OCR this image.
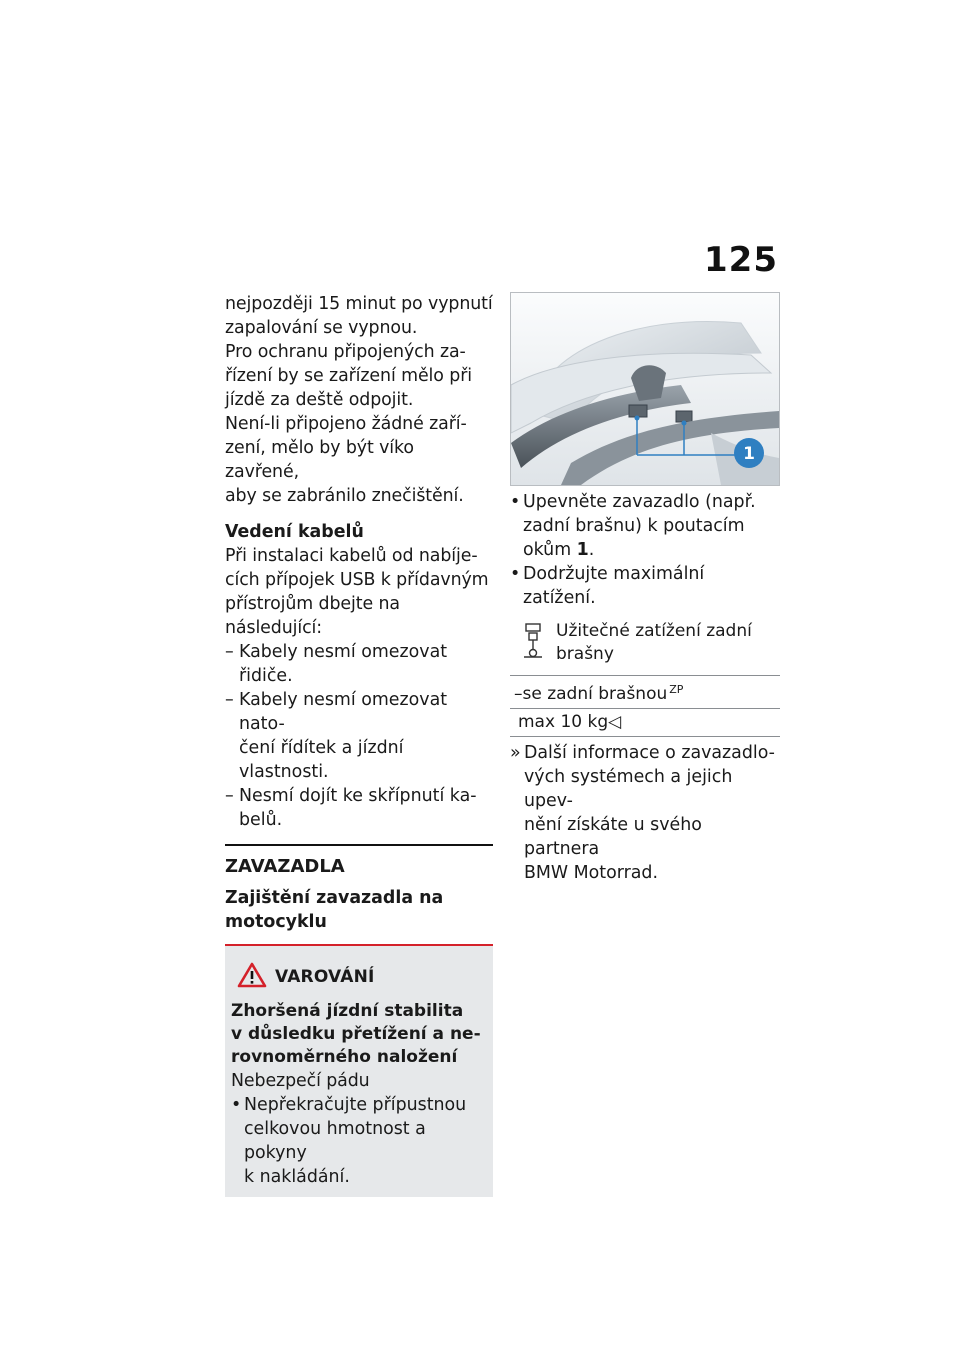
125

nejpozději 15 minut po vypnutí

zapalování se vypnou.

Pro ochranu připojených za-

řízení by se zařízení mělo při

jízdě za deště odpojit.

Není-li připojeno žádné zaří-

zení, mělo by být víko zavřené,

aby se zabránilo znečištění.

Vedení kabelů

Při instalaci kabelů od nabíje-

cích přípojek USB k přídavným

přístrojům dbejte na následující:

– Kabely nesmí omezovat řidiče.
– Kabely nesmí omezovat nato-
čení řídítek a jízdní vlastnosti.
– Nesmí dojít ke skřípnutí ka-
belů.

ZAVAZADLA

Zajištění zavazadla na
motocyklu
VAROVÁNÍ

Zhoršená jízdní stabilita

v důsledku přetížení a ne-

rovnoměrného naložení

Nebezpečí pádu

• Nepřekračujte přípustnou
celkovou hmotnost a pokyny
k nakládání.
1
• Upevněte zavazadlo (např.
zadní brašnu) k poutacím
okům 1.
• Dodržujte maximální zatížení.
Užitečné zatížení zadní
brašny

–se zadní brašnou $^{ZP}$
max 10 kg◁
» Další informace o zavazadlo-
vých systémech a jejich upev-
nění získáte u svého partnera
BMW Motorrad.
